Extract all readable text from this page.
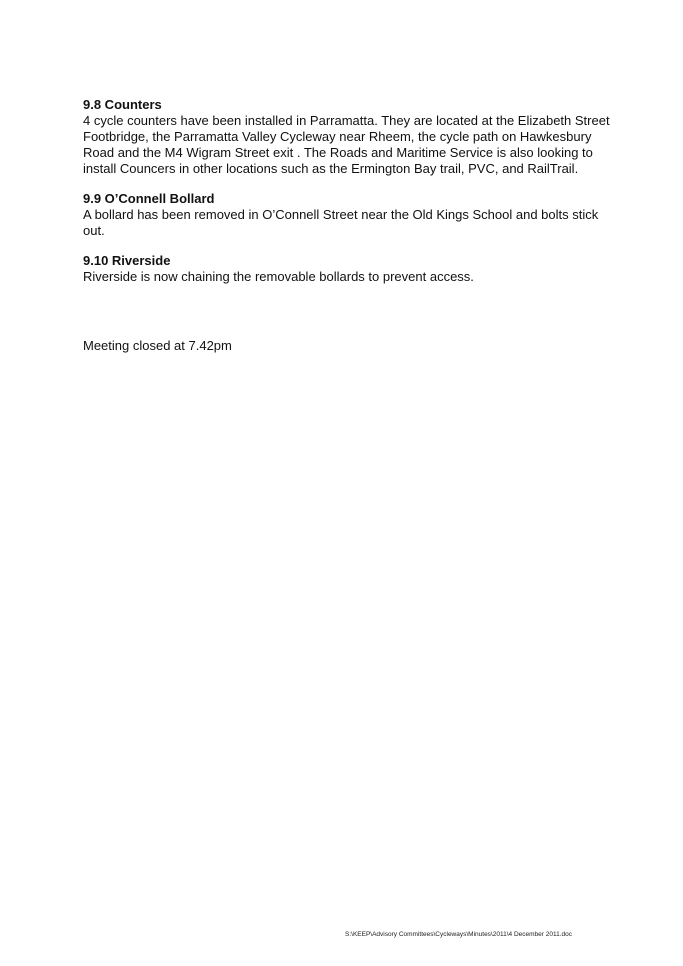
9.8 Counters

4 cycle counters have been installed in Parramatta. They are located at the Elizabeth Street Footbridge, the Parramatta Valley Cycleway near Rheem, the cycle path on Hawkesbury Road and the M4 Wigram Street exit . The Roads and Maritime Service is also looking to install Councers in other locations such as the Ermington Bay trail, PVC, and RailTrail.

9.9 O’Connell Bollard

A bollard has been removed in O’Connell Street near the Old Kings School and bolts stick out.

9.10 Riverside

Riverside is now chaining the removable bollards to prevent access.

Meeting closed at 7.42pm

S:\KEEP\Advisory Committees\Cycleways\Minutes\2011\4 December 2011.doc
